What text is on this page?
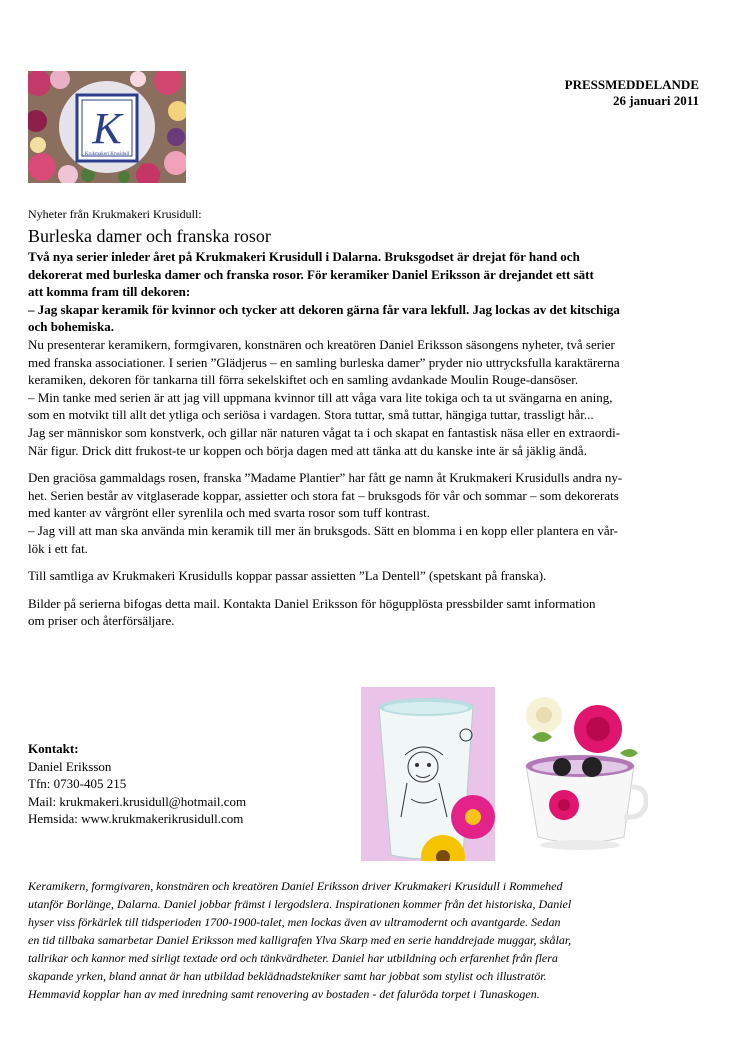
K
Krukmakeri Krusidull
PRESSMEDDELANDE
26 januari 2011
Nyheter från Krukmakeri Krusidull:
Burleska damer och franska rosor
Två nya serier inleder året på Krukmakeri Krusidull i Dalarna. Bruksgodset är drejat för hand och
dekorerat med burleska damer och franska rosor. För keramiker Daniel Eriksson är drejandet ett sätt
att komma fram till dekoren:
– Jag skapar keramik för kvinnor och tycker att dekoren gärna får vara lekfull. Jag lockas av det kitschiga
och bohemiska.
Nu presenterar keramikern, formgivaren, konstnären och kreatören Daniel Eriksson säsongens nyheter, två serier
med franska associationer. I serien ”Glädjerus – en samling burleska damer” pryder nio uttrycksfulla karaktärerna
keramiken, dekoren för tankarna till förra sekelskiftet och en samling avdankade Moulin Rouge-dansöser.
– Min tanke med serien är att jag vill uppmana kvinnor till att våga vara lite tokiga och ta ut svängarna en aning,
som en motvikt till allt det ytliga och seriösa i vardagen. Stora tuttar, små tuttar, hängiga tuttar, trassligt hår...
Jag ser människor som konstverk, och gillar när naturen vågat ta i och skapat en fantastisk näsa eller en extraordi-
När figur. Drick ditt frukost-te ur koppen och börja dagen med att tänka att du kanske inte är så jäklig ändå.
Den graciösa gammaldags rosen, franska ”Madame Plantier” har fått ge namn åt Krukmakeri Krusidulls andra ny-
het. Serien består av vitglaserade koppar, assietter och stora fat – bruksgods för vår och sommar – som dekorerats
med kanter av vårgrönt eller syrenlila och med svarta rosor som tuff kontrast.
– Jag vill att man ska använda min keramik till mer än bruksgods. Sätt en blomma i en kopp eller plantera en vår-
lök i ett fat.
Till samtliga av Krukmakeri Krusidulls koppar passar assietten ”La Dentell” (spetskant på franska).
Bilder på serierna bifogas detta mail. Kontakta Daniel Eriksson för högupplösta pressbilder samt information
om priser och återförsäljare.
Kontakt:
Daniel Eriksson
Tfn: 0730-405 215
Mail: krukmakeri.krusidull@hotmail.com
Hemsida: www.krukmakerikrusidull.com
Keramikern, formgivaren, konstnären och kreatören Daniel Eriksson driver Krukmakeri Krusidull i Rommehed
utanför Borlänge, Dalarna. Daniel jobbar främst i lergodslera. Inspirationen kommer från det historiska, Daniel
hyser viss förkärlek till tidsperioden 1700-1900-talet, men lockas även av ultramodernt och avantgarde. Sedan
en tid tillbaka samarbetar Daniel Eriksson med kalligrafen Ylva Skarp med en serie handdrejade muggar, skålar,
tallrikar och kannor med sirligt textade ord och tänkvärdheter. Daniel har utbildning och erfarenhet från flera
skapande yrken, bland annat är han utbildad beklädnadstekniker samt har jobbat som stylist och illustratör.
Hemmavid kopplar han av med inredning samt renovering av bostaden - det faluröda torpet i Tunaskogen.
